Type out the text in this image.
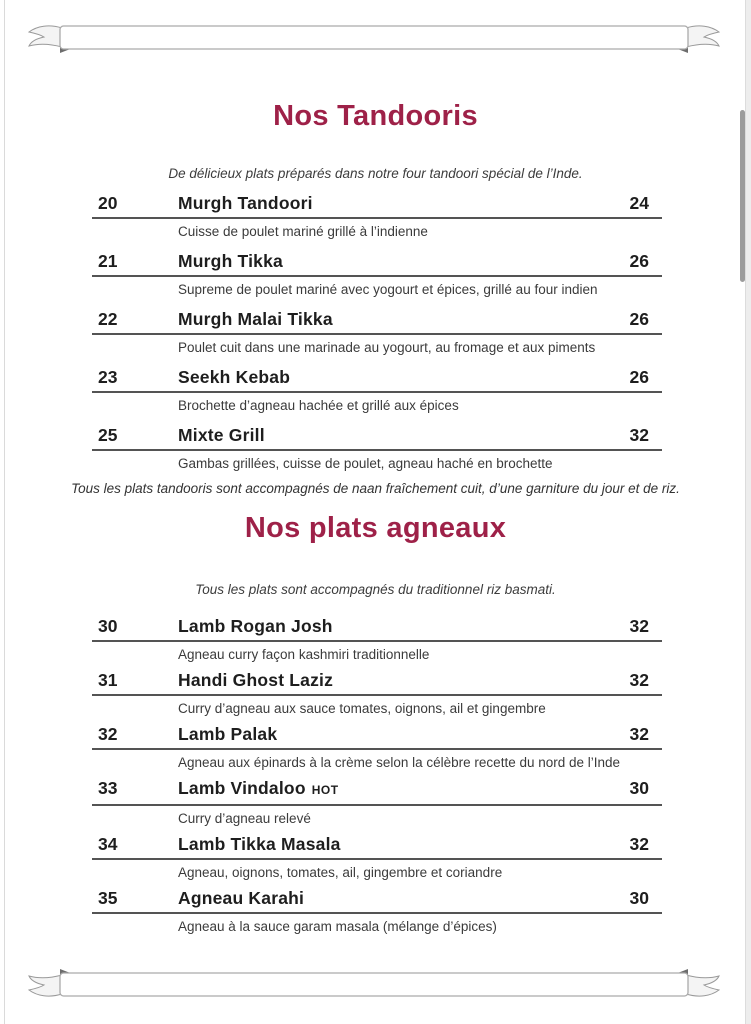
Nos Tandooris
De délicieux plats préparés dans notre four tandoori spécial de l’Inde.
20	Murgh Tandoori	24
Cuisse de poulet mariné grillé à l’indienne
21	Murgh Tikka	26
Supreme de poulet mariné avec yogourt et épices, grillé au four indien
22	Murgh Malai Tikka	26
Poulet cuit dans une marinade au yogourt, au fromage et aux piments
23	Seekh Kebab	26
Brochette d’agneau hachée et grillé aux épices
25	Mixte Grill	32
Gambas grillées, cuisse de poulet, agneau haché en brochette
Tous les plats tandooris sont accompagnés de naan fraîchement cuit, d’une garniture du jour et de riz.
Nos plats agneaux
Tous les plats sont accompagnés du traditionnel riz basmati.
30	Lamb Rogan Josh	32
Agneau curry façon kashmiri traditionnelle
31	Handi Ghost Laziz	32
Curry d’agneau aux sauce tomates, oignons, ail et gingembre
32	Lamb Palak	32
Agneau aux épinards à la crème selon la célèbre recette du nord de l’Inde
33	Lamb Vindaloo HOT	30
Curry d’agneau relevé
34	Lamb Tikka Masala	32
Agneau, oignons, tomates, ail, gingembre et coriandre
35	Agneau Karahi	30
Agneau à la sauce garam masala (mélange d’épices)
